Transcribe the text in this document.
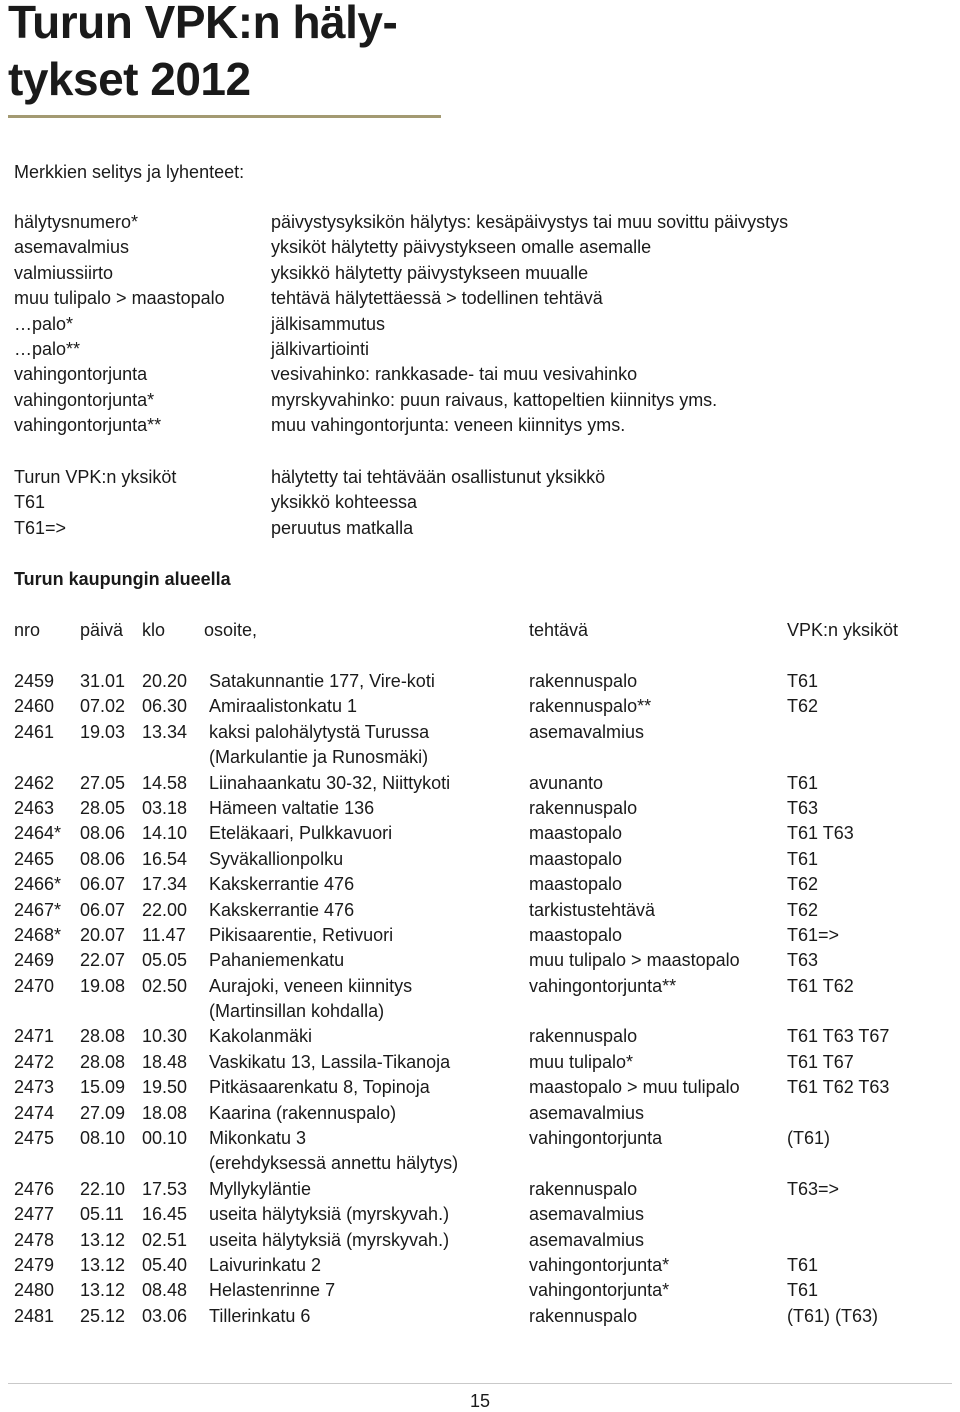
Turun VPK:n häly-
tykset 2012
Merkkien selitys ja lyhenteet:
hälytysnumero*	päivystysyksikön hälytys: kesäpäivystys tai muu sovittu päivystys
asemavalmius	yksiköt hälytetty päivystykseen omalle asemalle
valmiussiirto	yksikkö hälytetty päivystykseen muualle
muu tulipalo > maastopalo	tehtävä hälytettäessä > todellinen tehtävä
…palo*	jälkisammutus
…palo**	jälkivartiointi
vahingontorjunta	vesivahinko: rankkasade- tai muu vesivahinko
vahingontorjunta*	myrskyvahinko: puun raivaus, kattopeltien kiinnitys yms.
vahingontorjunta**	muu vahingontorjunta: veneen kiinnitys yms.
Turun VPK:n yksiköt	hälytetty tai tehtävään osallistunut yksikkö
T61	yksikkö kohteessa
T61=>	peruutus matkalla
Turun kaupungin alueella
nro päivä klo osoite,	tehtävä	VPK:n yksiköt
2459 31.01 20.20 Satakunnantie 177, Vire-koti	rakennuspalo	T61
2460 07.02 06.30 Amiraalistonkatu 1	rakennuspalo**	T62
2461 19.03 13.34 kaksi palohälytystä Turussa	asemavalmius
(Markulantie ja Runosmäki)
2462 27.05 14.58 Liinahaankatu 30-32, Niittykoti	avunanto	T61
2463 28.05 03.18 Hämeen valtatie 136	rakennuspalo	T63
2464* 08.06 14.10 Eteläkaari, Pulkkavuori	maastopalo	T61 T63
2465 08.06 16.54 Syväkallionpolku	maastopalo	T61
2466* 06.07 17.34 Kakskerrantie 476	maastopalo	T62
2467* 06.07 22.00 Kakskerrantie 476	tarkistustehtävä	T62
2468* 20.07 11.47 Pikisaarentie, Retivuori	maastopalo	T61=>
2469 22.07 05.05 Pahaniemenkatu	muu tulipalo > maastopalo	T63
2470 19.08 02.50 Aurajoki, veneen kiinnitys	vahingontorjunta**	T61 T62
(Martinsillan kohdalla)
2471 28.08 10.30 Kakolanmäki	rakennuspalo	T61 T63 T67
2472 28.08 18.48 Vaskikatu 13, Lassila-Tikanoja	muu tulipalo*	T61 T67
2473 15.09 19.50 Pitkäsaarenkatu 8, Topinoja	maastopalo > muu tulipalo	T61 T62 T63
2474 27.09 18.08 Kaarina (rakennuspalo)	asemavalmius
2475 08.10 00.10 Mikonkatu 3	vahingontorjunta	(T61)
(erehdyksessä annettu hälytys)
2476 22.10 17.53 Myllykyläntie	rakennuspalo	T63=>
2477 05.11 16.45 useita hälytyksiä (myrskyvah.)	asemavalmius
2478 13.12 02.51 useita hälytyksiä (myrskyvah.)	asemavalmius
2479 13.12 05.40 Laivurinkatu 2	vahingontorjunta*	T61
2480 13.12 08.48 Helastenrinne 7	vahingontorjunta*	T61
2481 25.12 03.06 Tillerinkatu 6	rakennuspalo	(T61) (T63)
15
